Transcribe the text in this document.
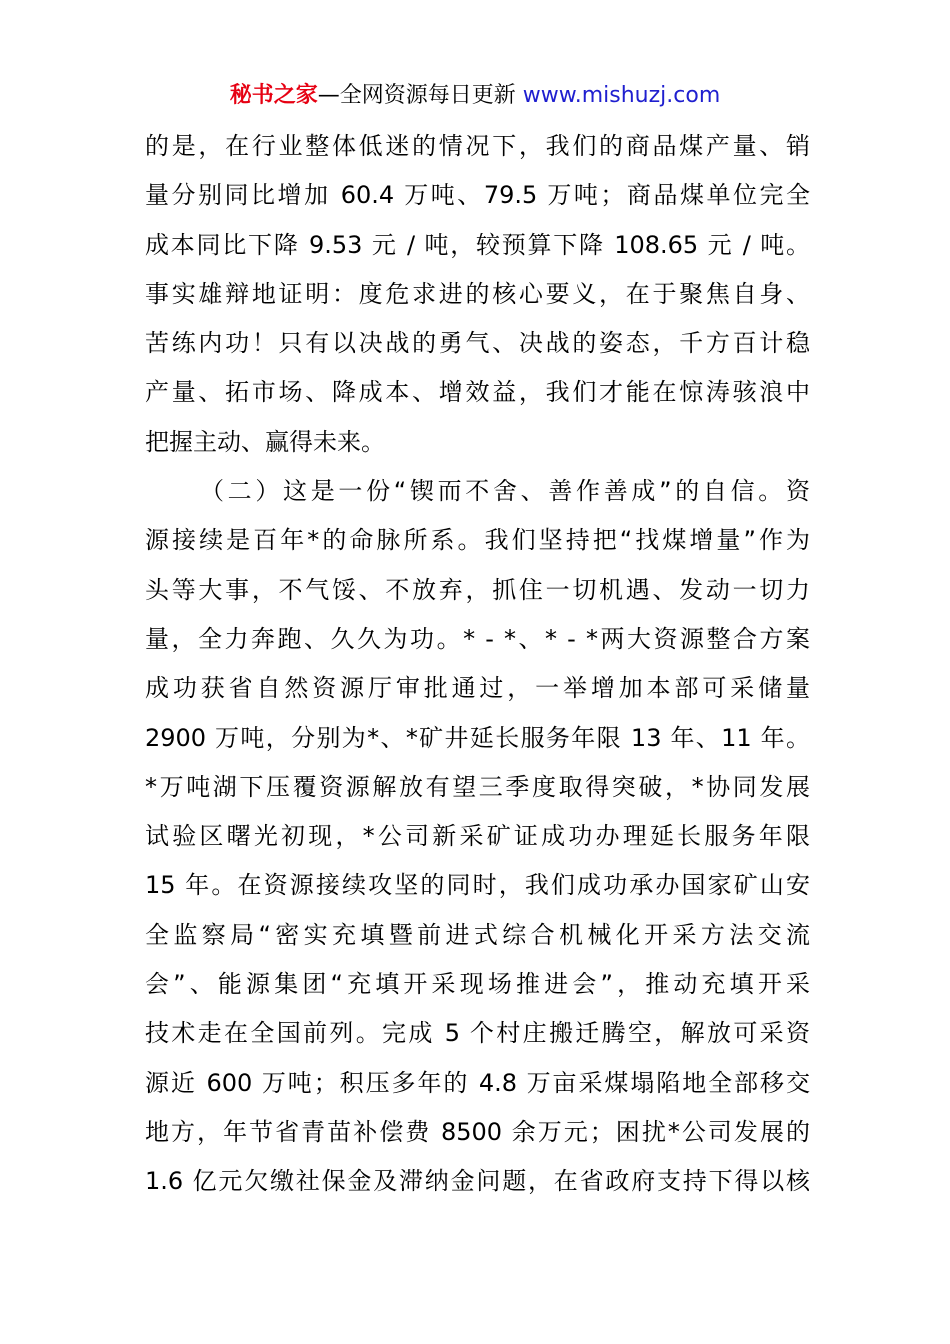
秘书之家—全网资源每日更新 www.mishuzj.com
的是，在行业整体低迷的情况下，我们的商品煤产量、销
量分别同比增加 60.4 万吨、79.5 万吨；商品煤单位完全
成本同比下降 9.53 元 / 吨，较预算下降 108.65 元 / 吨。
事实雄辩地证明：度危求进的核心要义，在于聚焦自身、
苦练内功！只有以决战的勇气、决战的姿态，千方百计稳
产量、拓市场、降成本、增效益，我们才能在惊涛骇浪中
把握主动、赢得未来。
（二）这是一份“锲而不舍、善作善成”的自信。资
源接续是百年*的命脉所系。我们坚持把“找煤增量”作为
头等大事，不气馁、不放弃，抓住一切机遇、发动一切力
量，全力奔跑、久久为功。* - *、* - *两大资源整合方案
成功获省自然资源厅审批通过，一举增加本部可采储量
2900 万吨，分别为*、*矿井延长服务年限 13 年、11 年。
*万吨湖下压覆资源解放有望三季度取得突破，*协同发展
试验区曙光初现，*公司新采矿证成功办理延长服务年限
15 年。在资源接续攻坚的同时，我们成功承办国家矿山安
全监察局“密实充填暨前进式综合机械化开采方法交流
会”、能源集团“充填开采现场推进会”，推动充填开采
技术走在全国前列。完成 5 个村庄搬迁腾空，解放可采资
源近 600 万吨；积压多年的 4.8 万亩采煤塌陷地全部移交
地方，年节省青苗补偿费 8500 余万元；困扰*公司发展的
1.6 亿元欠缴社保金及滞纳金问题，在省政府支持下得以核
